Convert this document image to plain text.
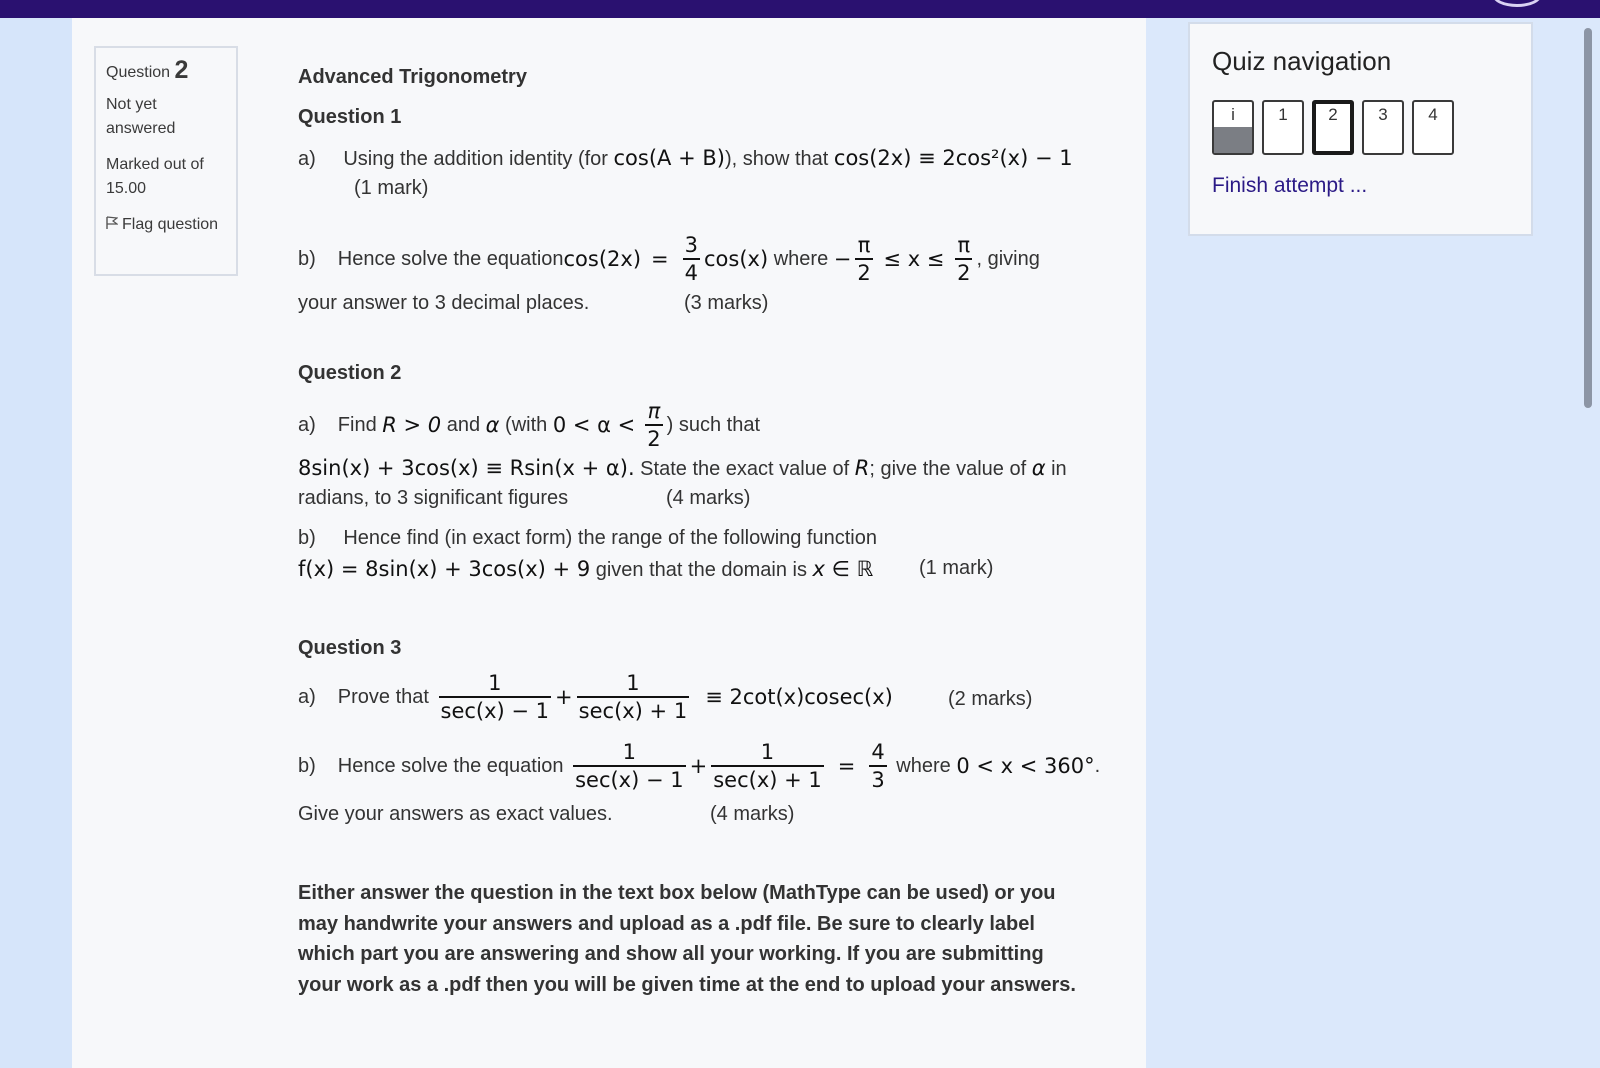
Question 2
Not yet answered
Marked out of 15.00
Flag question
Advanced Trigonometry
Question 1
a) Using the addition identity (for cos(A + B)), show that cos(2x) ≡ 2cos²(x) − 1
(1 mark)
b) Hence solve the equation $\cos(2x) = \frac{3}{4} \cos(x)$ where − $\frac{\pi}{2} \le x \le \frac{\pi}{2}$ , giving
your answer to 3 decimal places.	(3 marks)
Question 2
a) Find R > 0 and α (with $0 < \alpha < \frac{\pi}{2}$ ) such that
8sin(x) + 3cos(x) ≡ Rsin(x + α). State the exact value of R; give the value of α in
radians, to 3 significant figures	(4 marks)
b) Hence find (in exact form) the range of the following function
f(x) = 8sin(x) + 3cos(x) + 9 given that the domain is x ∈ ℝ (1 mark)
Question 3
a) Prove that $\frac{1}{\sec(x) - 1} + \frac{1}{\sec(x) + 1} \equiv 2\cot(x)cosec(x)$	(2 marks)
b) Hence solve the equation $\frac{1}{\sec(x) - 1} + \frac{1}{\sec(x) + 1} = \frac{4}{3}$ where 0 < x < 360° .
Give your answers as exact values.	(4 marks)
Either answer the question in the text box below (MathType can be used) or you may handwrite your answers and upload as a .pdf file. Be sure to clearly label which part you are answering and show all your working. If you are submitting your work as a .pdf then you will be given time at the end to upload your answers.
Quiz navigation
i	1	2	3	4
Finish attempt ...
